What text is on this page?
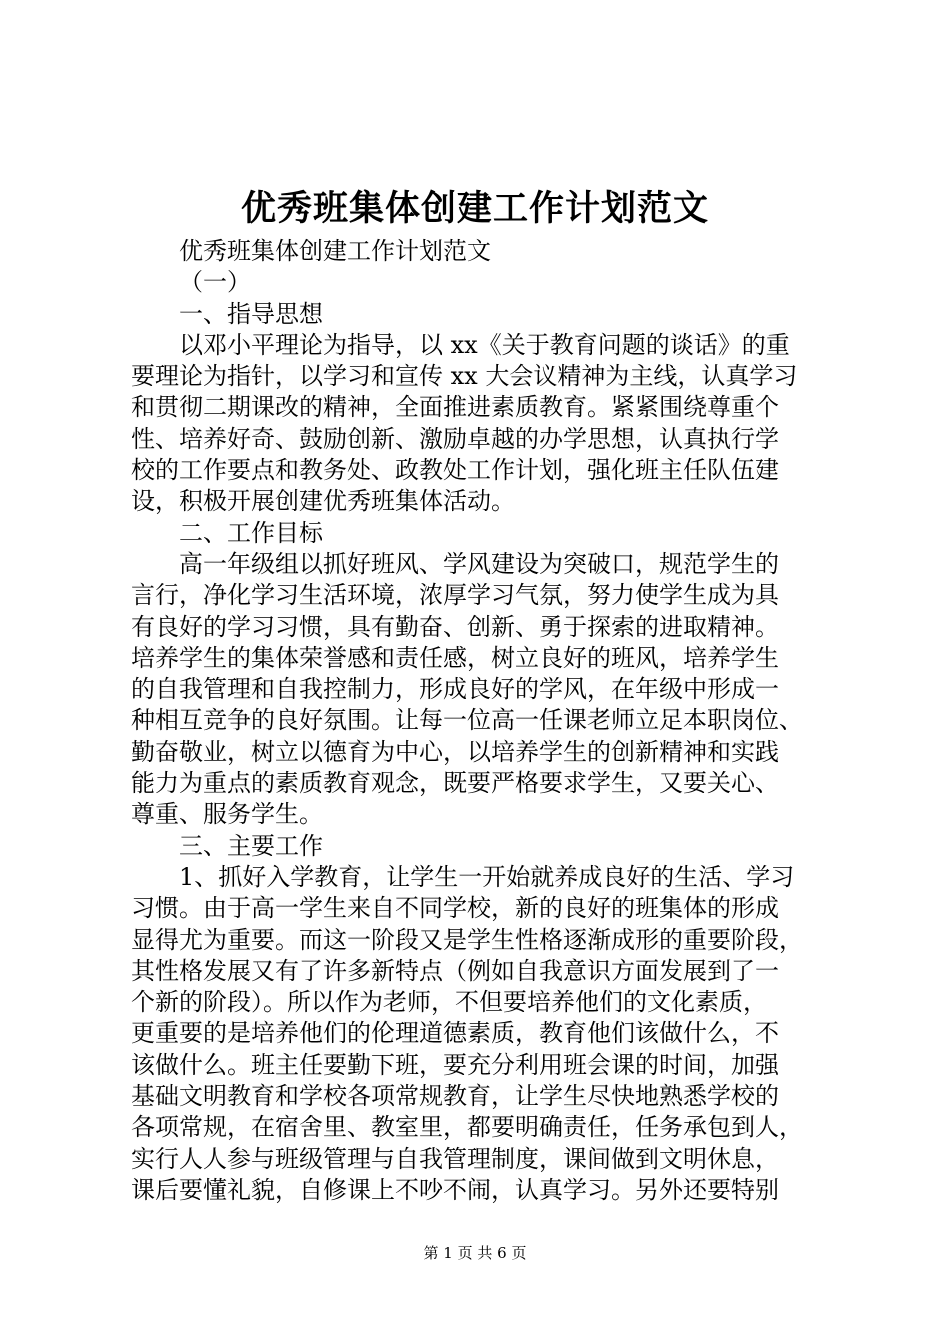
优秀班集体创建工作计划范文
优秀班集体创建工作计划范文
（一）
一、指导思想
以邓小平理论为指导，以 xx《关于教育问题的谈话》的重
要理论为指针，以学习和宣传 xx 大会议精神为主线，认真学习
和贯彻二期课改的精神，全面推进素质教育。紧紧围绕尊重个
性、培养好奇、鼓励创新、激励卓越的办学思想，认真执行学
校的工作要点和教务处、政教处工作计划，强化班主任队伍建
设，积极开展创建优秀班集体活动。
二、工作目标
高一年级组以抓好班风、学风建设为突破口，规范学生的
言行，净化学习生活环境，浓厚学习气氛，努力使学生成为具
有良好的学习习惯，具有勤奋、创新、勇于探索的进取精神。
培养学生的集体荣誉感和责任感，树立良好的班风，培养学生
的自我管理和自我控制力，形成良好的学风，在年级中形成一
种相互竞争的良好氛围。让每一位高一任课老师立足本职岗位、
勤奋敬业，树立以德育为中心，以培养学生的创新精神和实践
能力为重点的素质教育观念，既要严格要求学生，又要关心、
尊重、服务学生。
三、主要工作
1、抓好入学教育，让学生一开始就养成良好的生活、学习
习惯。由于高一学生来自不同学校，新的良好的班集体的形成
显得尤为重要。而这一阶段又是学生性格逐渐成形的重要阶段，
其性格发展又有了许多新特点（例如自我意识方面发展到了一
个新的阶段）。所以作为老师，不但要培养他们的文化素质，
更重要的是培养他们的伦理道德素质，教育他们该做什么，不
该做什么。班主任要勤下班，要充分利用班会课的时间，加强
基础文明教育和学校各项常规教育，让学生尽快地熟悉学校的
各项常规，在宿舍里、教室里，都要明确责任，任务承包到人，
实行人人参与班级管理与自我管理制度，课间做到文明休息，
课后要懂礼貌，自修课上不吵不闹，认真学习。另外还要特别
第 1 页 共 6 页
